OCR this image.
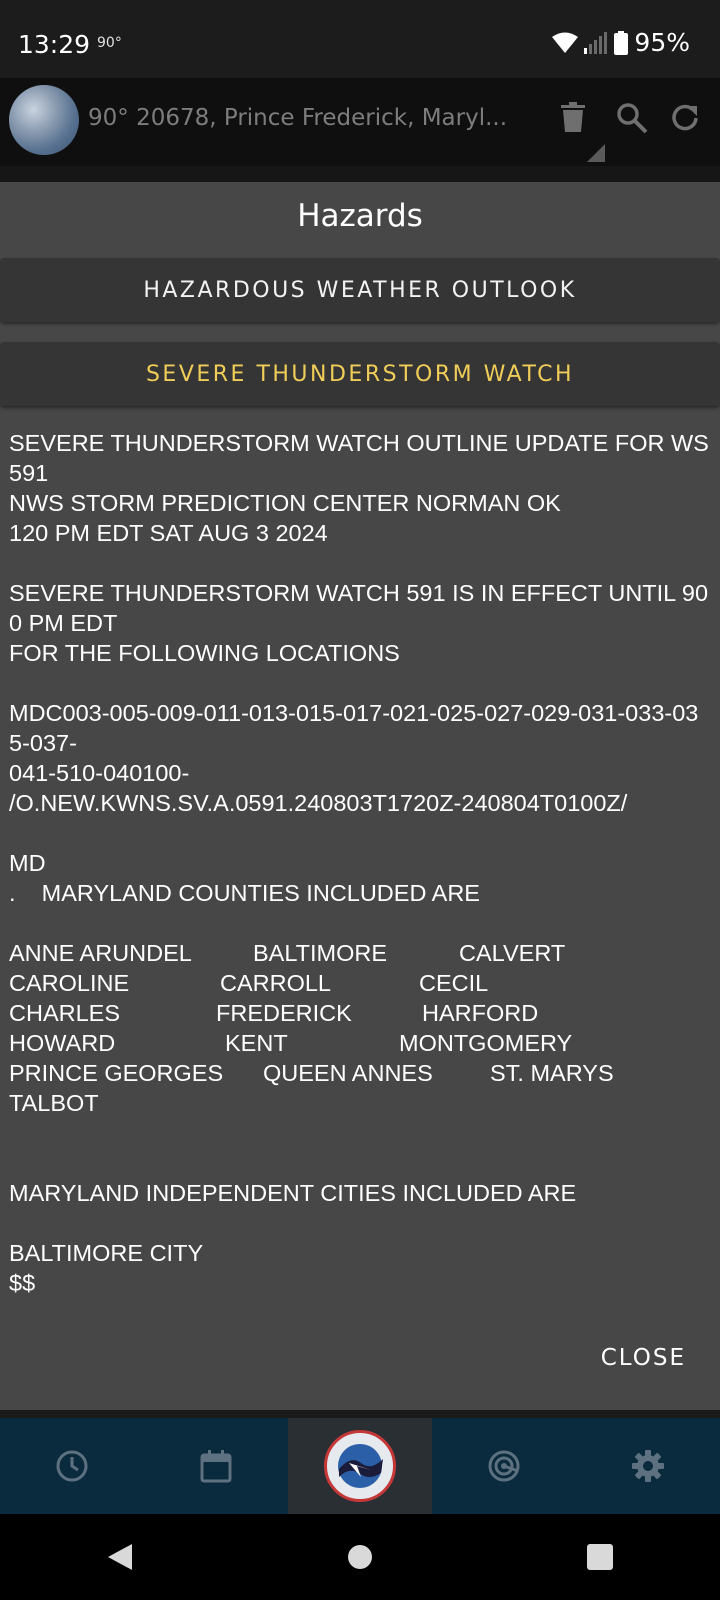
13:29 90°	95%
90° 20678, Prince Frederick, Maryl...
Hazards
HAZARDOUS WEATHER OUTLOOK
SEVERE THUNDERSTORM WATCH
SEVERE THUNDERSTORM WATCH OUTLINE UPDATE FOR WS 591
NWS STORM PREDICTION CENTER NORMAN OK
120 PM EDT SAT AUG 3 2024
SEVERE THUNDERSTORM WATCH 591 IS IN EFFECT UNTIL 900 PM EDT
FOR THE FOLLOWING LOCATIONS
MDC003-005-009-011-013-015-017-021-025-027-029-031-033-035-037-
041-510-040100-
/O.NEW.KWNS.SV.A.0591.240803T1720Z-240804T0100Z/
MD
.    MARYLAND COUNTIES INCLUDED ARE
ANNE ARUNDEL	BALTIMORE	CALVERT
CAROLINE	CARROLL	CECIL
CHARLES	FREDERICK	HARFORD
HOWARD	KENT	MONTGOMERY
PRINCE GEORGES	QUEEN ANNES	ST. MARYS
TALBOT
MARYLAND INDEPENDENT CITIES INCLUDED ARE
BALTIMORE CITY
$$
CLOSE
